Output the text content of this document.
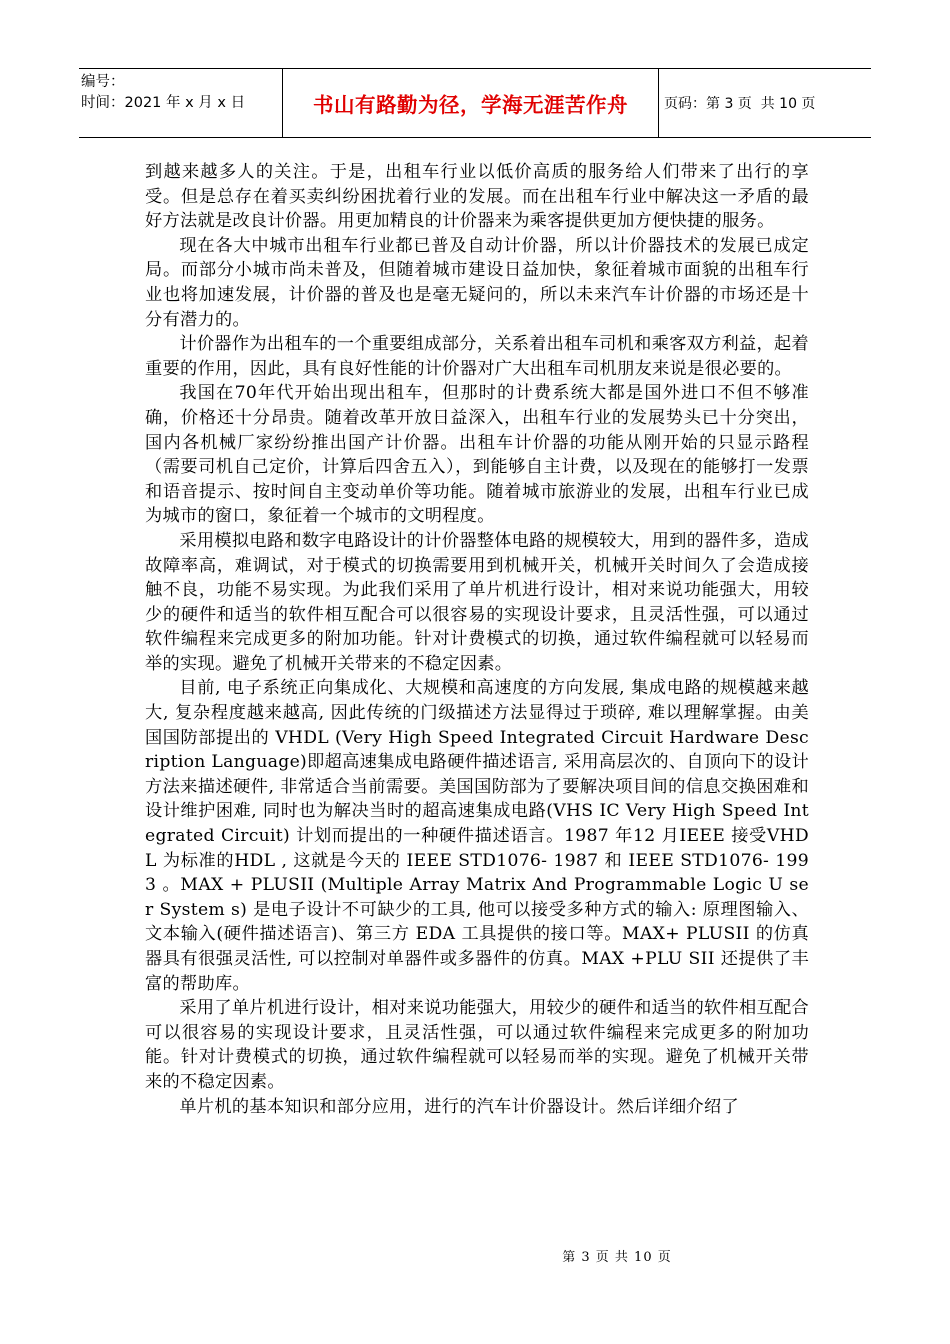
编号：
时间：2021 年 x 月 x 日	书山有路勤为径，学海无涯苦作舟	页码：第 3 页  共 10 页

到越来越多人的关注。于是，出租车行业以低价高质的服务给人们带来了出行的享受。但是总存在着买卖纠纷困扰着行业的发展。而在出租车行业中解决这一矛盾的最好方法就是改良计价器。用更加精良的计价器来为乘客提供更加方便快捷的服务。

现在各大中城市出租车行业都已普及自动计价器，所以计价器技术的发展已成定局。而部分小城市尚未普及，但随着城市建设日益加快，象征着城市面貌的出租车行业也将加速发展，计价器的普及也是毫无疑问的，所以未来汽车计价器的市场还是十分有潜力的。

计价器作为出租车的一个重要组成部分，关系着出租车司机和乘客双方利益，起着重要的作用，因此，具有良好性能的计价器对广大出租车司机朋友来说是很必要的。

我国在70年代开始出现出租车，但那时的计费系统大都是国外进口不但不够准确，价格还十分昂贵。随着改革开放日益深入，出租车行业的发展势头已十分突出，国内各机械厂家纷纷推出国产计价器。出租车计价器的功能从刚开始的只显示路程（需要司机自己定价，计算后四舍五入），到能够自主计费，以及现在的能够打一发票和语音提示、按时间自主变动单价等功能。随着城市旅游业的发展，出租车行业已成为城市的窗口，象征着一个城市的文明程度。

采用模拟电路和数字电路设计的计价器整体电路的规模较大，用到的器件多，造成故障率高，难调试，对于模式的切换需要用到机械开关，机械开关时间久了会造成接触不良，功能不易实现。为此我们采用了单片机进行设计，相对来说功能强大，用较少的硬件和适当的软件相互配合可以很容易的实现设计要求，且灵活性强，可以通过软件编程来完成更多的附加功能。针对计费模式的切换，通过软件编程就可以轻易而举的实现。避免了机械开关带来的不稳定因素。

目前, 电子系统正向集成化、大规模和高速度的方向发展, 集成电路的规模越来越大, 复杂程度越来越高, 因此传统的门级描述方法显得过于琐碎, 难以理解掌握。由美国国防部提出的 VHDL (Very High Speed Integrated Circuit Hardware Description Language)即超高速集成电路硬件描述语言, 采用高层次的、自顶向下的设计方法来描述硬件, 非常适合当前需要。美国国防部为了要解决项目间的信息交换困难和设计维护困难, 同时也为解决当时的超高速集成电路(VHS IC Very High Speed Integrated Circuit) 计划而提出的一种硬件描述语言。1987 年12 月IEEE 接受VHDL 为标准的HDL , 这就是今天的 IEEE STD1076- 1987 和 IEEE STD1076- 1993 。MAX + PLUSII (Multiple Array Matrix And Programmable Logic U ser System s) 是电子设计不可缺少的工具, 他可以接受多种方式的输入: 原理图输入、文本输入(硬件描述语言)、第三方 EDA 工具提供的接口等。MAX+ PLUSII 的仿真器具有很强灵活性, 可以控制对单器件或多器件的仿真。MAX +PLU SII 还提供了丰富的帮助库。

采用了单片机进行设计，相对来说功能强大，用较少的硬件和适当的软件相互配合可以很容易的实现设计要求，且灵活性强，可以通过软件编程来完成更多的附加功能。针对计费模式的切换，通过软件编程就可以轻易而举的实现。避免了机械开关带来的不稳定因素。

单片机的基本知识和部分应用，进行的汽车计价器设计。然后详细介绍了

第 3 页 共 10 页
